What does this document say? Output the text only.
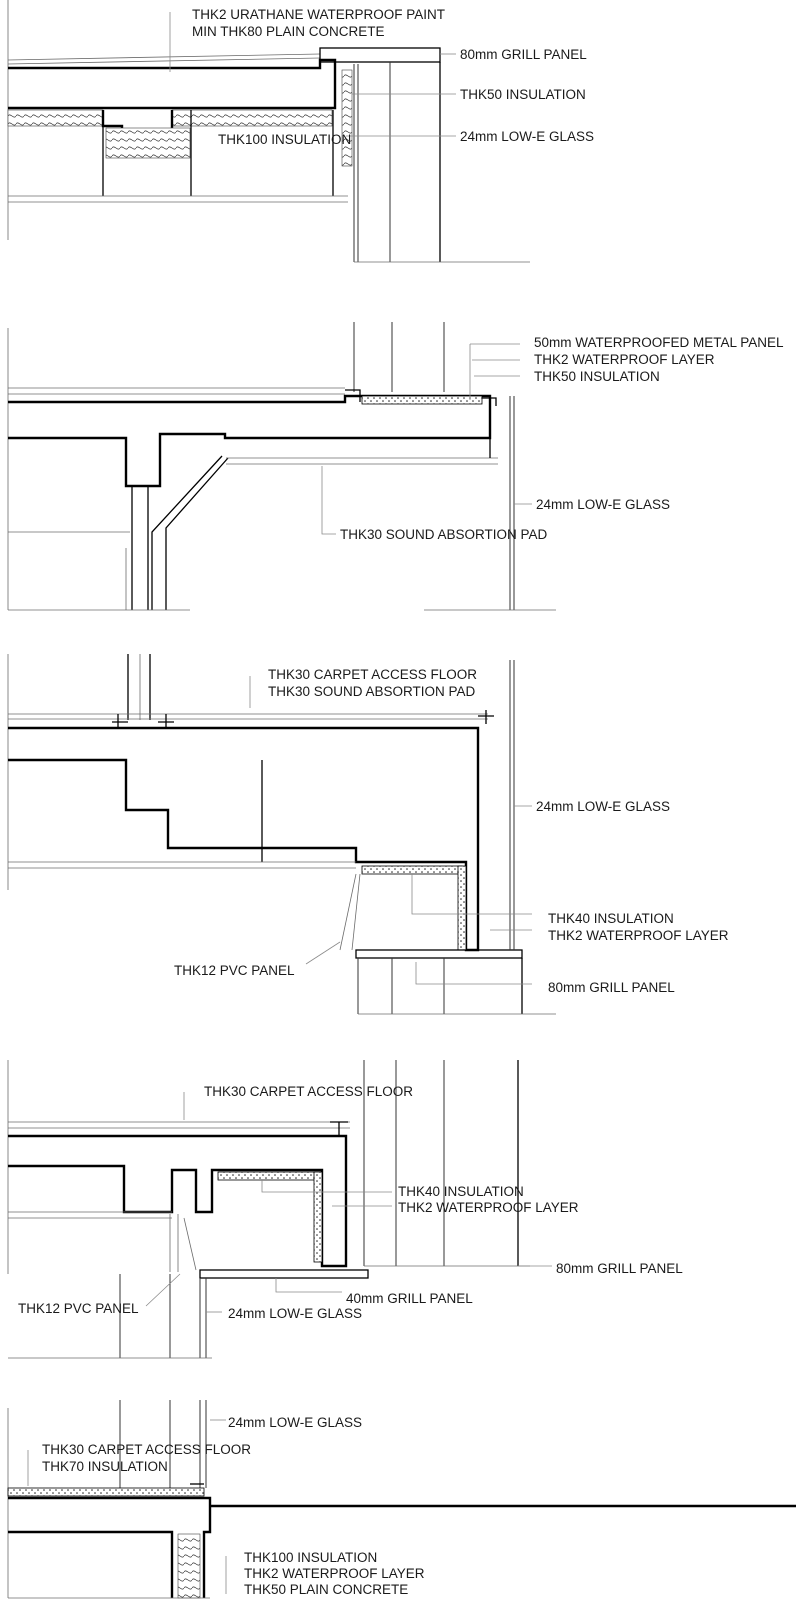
THK2 URATHANE WATERPROOF PAINT
MIN THK80 PLAIN CONCRETE
80mm GRILL PANEL
THK50 INSULATION
THK100 INSULATION	24mm LOW-E GLASS
50mm WATERPROOFED METAL PANEL
THK2 WATERPROOF LAYER
THK50 INSULATION
24mm LOW-E GLASS
THK30 SOUND ABSORTION PAD
THK30 CARPET ACCESS FLOOR
THK30 SOUND ABSORTION PAD
24mm LOW-E GLASS
THK40 INSULATION
THK2 WATERPROOF LAYER
THK12 PVC PANEL
80mm GRILL PANEL
THK30 CARPET ACCESS FLOOR
THK40 INSULATION
THK2 WATERPROOF LAYER
80mm GRILL PANEL
40mm GRILL PANEL
THK12 PVC PANEL	24mm LOW-E GLASS
24mm LOW-E GLASS
THK30 CARPET ACCESS FLOOR
THK70 INSULATION
THK100 INSULATION
THK2 WATERPROOF LAYER
THK50 PLAIN CONCRETE
